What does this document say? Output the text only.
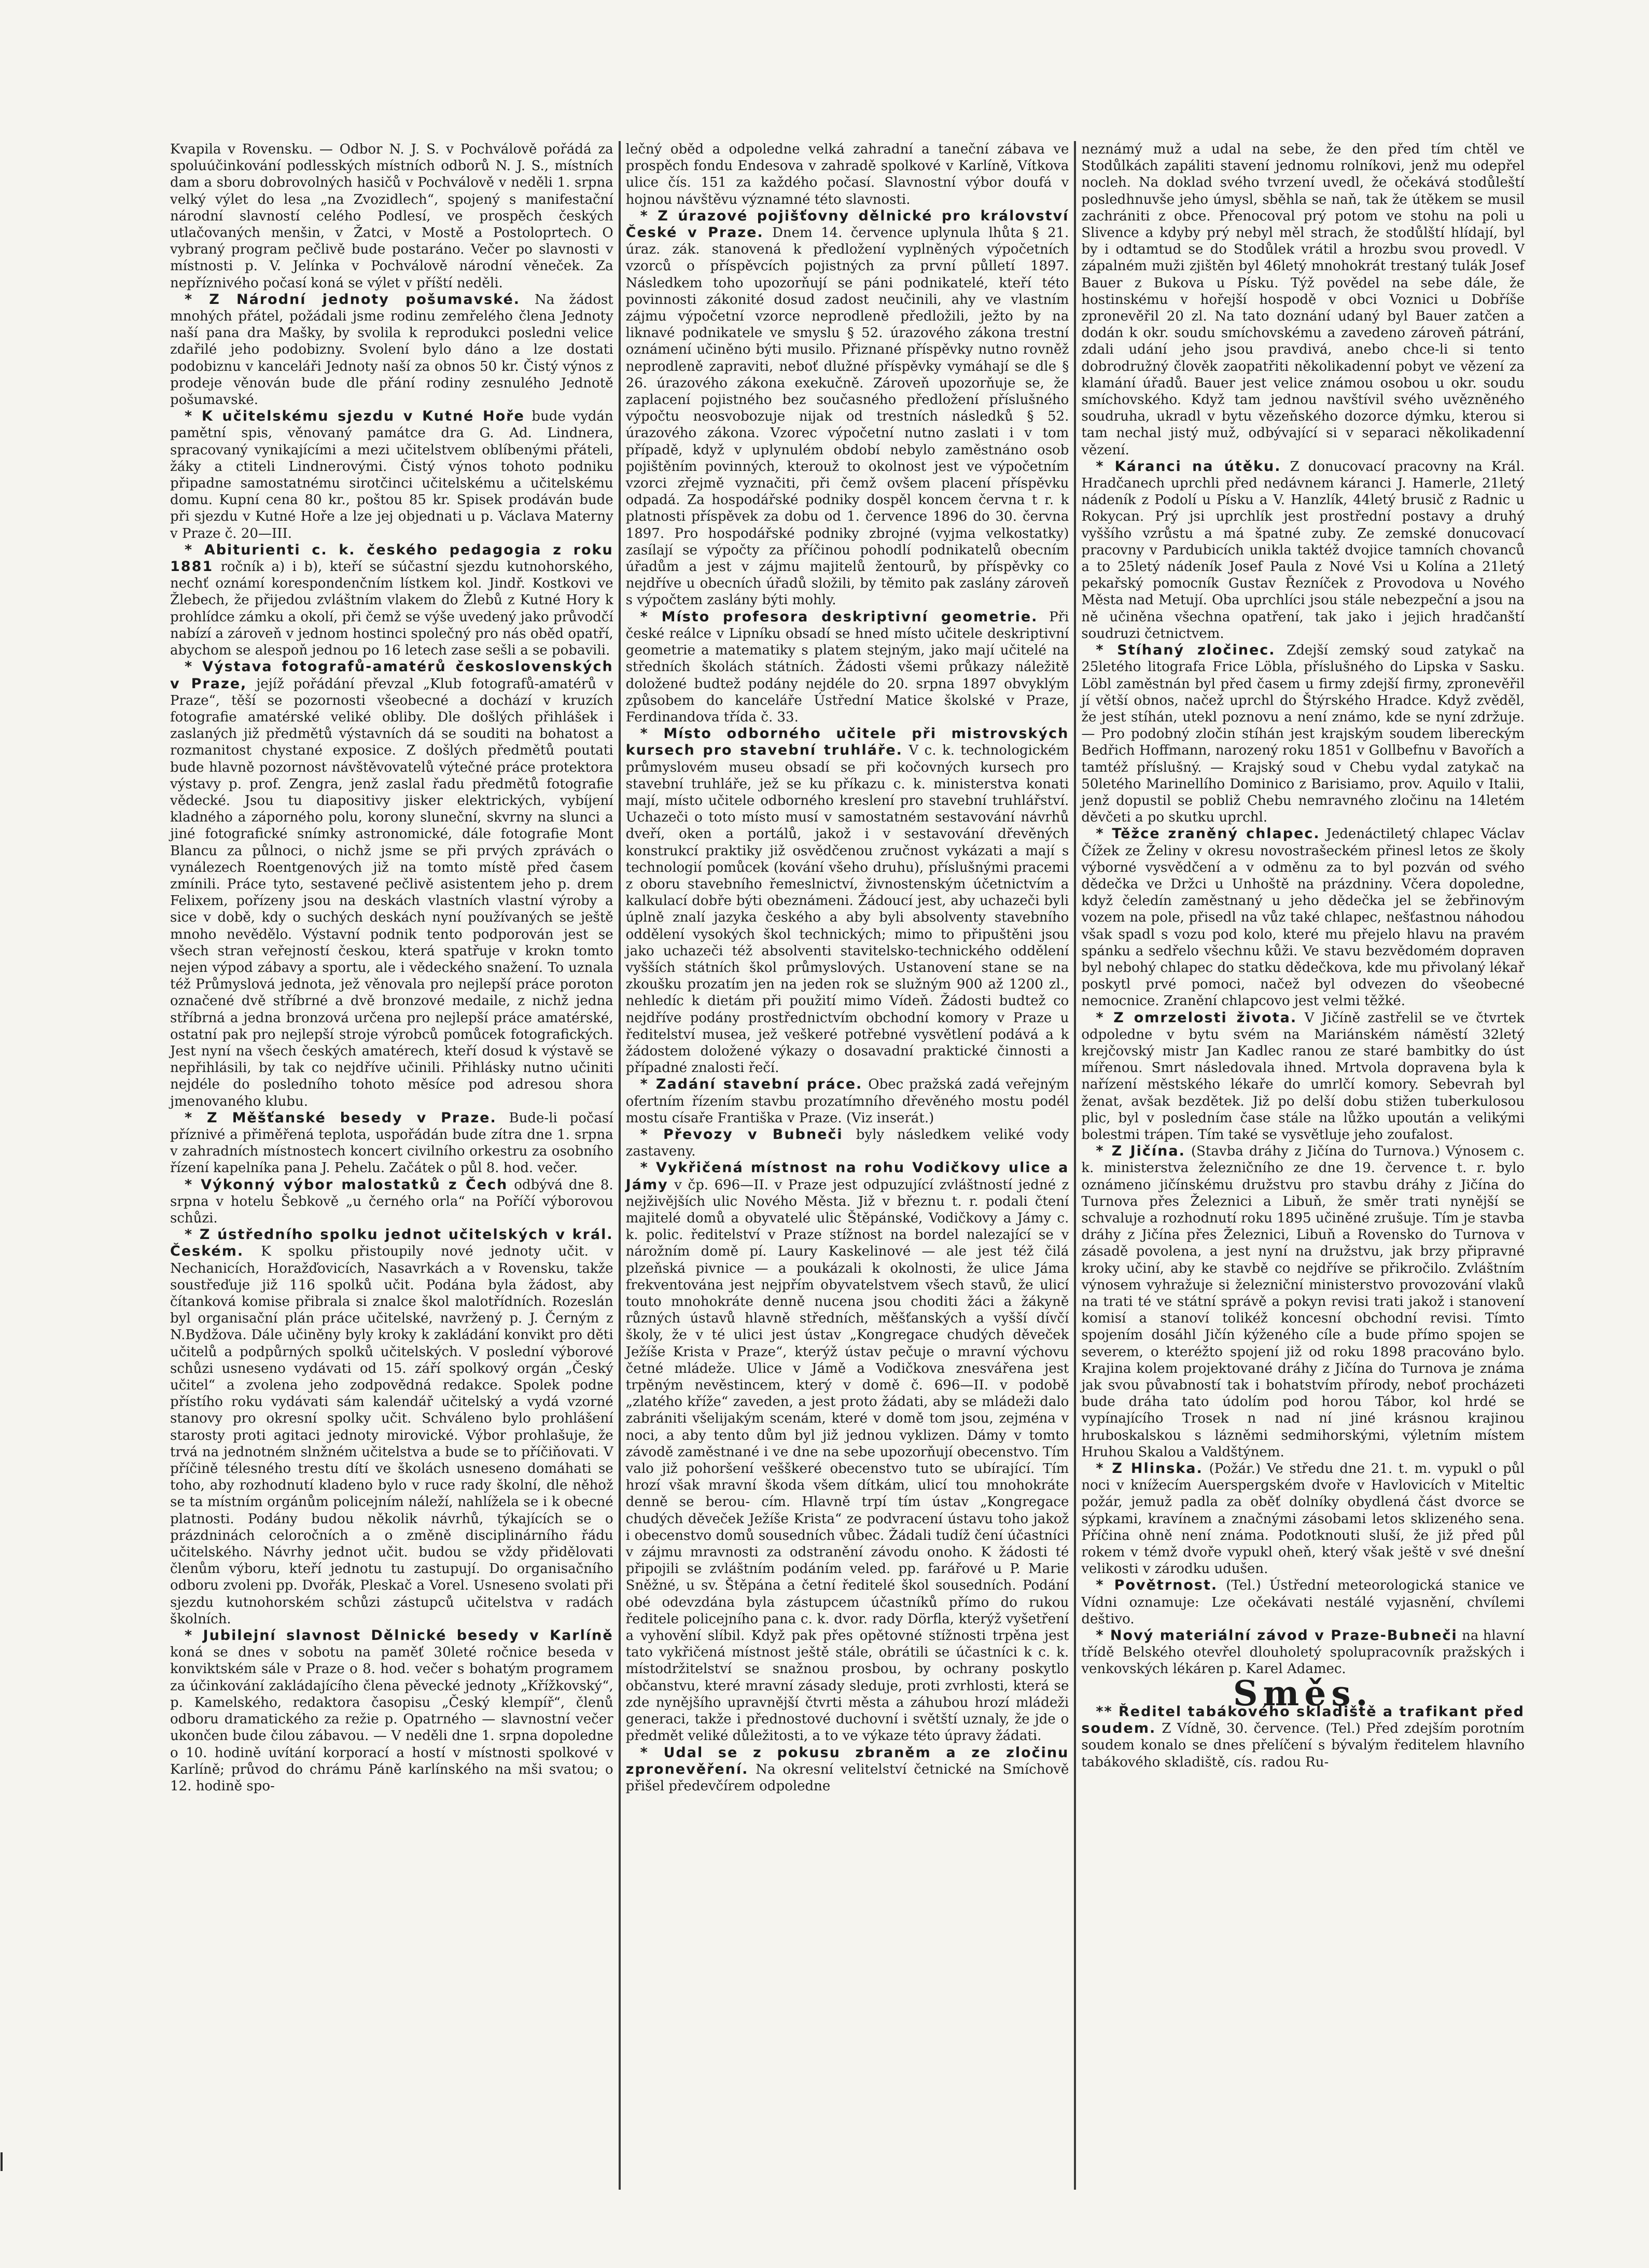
Kvapila v Rovensku. — Odbor N. J. S. v Pochválově pořádá za spoluúčinkování podlesských místních odborů N. J. S., místních dam a sboru dobrovolných hasičů v Pochválově v neděli 1. srpna velký výlet do lesa „na Zvozidlech“, spojený s manifestační národní slavností celého Podlesí, ve prospěch českých utlačovaných menšin, v Žatci, v Mostě a Postoloprtech. O vybraný program pečlivě bude postaráno. Večer po slavnosti v místnosti p. V. Jelínka v Pochválově národní věneček. Za nepříznivého počasí koná se výlet v příští neděli.

* Z Národní jednoty pošumavské. Na žádost mnohých přátel, požádali jsme rodinu zemřelého člena Jednoty naší pana dra Mašky, by svolila k reprodukci posledni velice zdařilé jeho podobizny. Svolení bylo dáno a lze dostati podobiznu v kanceláři Jednoty naší za obnos 50 kr. Čistý výnos z prodeje věnován bude dle přání rodiny zesnulého Jednotě pošumavské.

* K učitelskému sjezdu v Kutné Hoře bude vydán pamětní spis, věnovaný památce dra G. Ad. Lindnera, spracovaný vynikajícími a mezi učitelstvem oblíbenými přáteli, žáky a ctiteli Lindnerovými. Čistý výnos tohoto podniku připadne samostatnému sirotčinci učitelskému a učitelskému domu. Kupní cena 80 kr., poštou 85 kr. Spisek prodáván bude při sjezdu v Kutné Hoře a lze jej objednati u p. Václava Materny v Praze č. 20—III.

* Abiturienti c. k. českého pedagogia z roku 1881 ročník a) i b), kteří se súčastní sjezdu kutnohorského, nechť oznámí korespondenčním lístkem kol. Jindř. Kostkovi ve Žlebech, že přijedou zvláštním vlakem do Žlebů z Kutné Hory k prohlídce zámku a okolí, při čemž se výše uvedený jako průvodčí nabízí a zároveň v jednom hostinci společný pro nás oběd opatří, abychom se alespoň jednou po 16 letech zase sešli a se pobavili.

* Výstava fotografů-amatérů československých v Praze, jejíž pořádání převzal „Klub fotografů-amatérů v Praze“, těší se pozornosti všeobecné a dochází v kruzích fotografie amatérské veliké obliby. Dle došlých přihlášek i zaslaných již předmětů výstavních dá se souditi na bohatost a rozmanitost chystané exposice. Z došlých předmětů poutati bude hlavně pozornost návštěvovatelů výtečné práce protektora výstavy p. prof. Zengra, jenž zaslal řadu předmětů fotografie vědecké. Jsou tu diapositivy jisker elektrických, vybíjení kladného a záporného polu, korony sluneční, skvrny na slunci a jiné fotografické snímky astronomické, dále fotografie Mont Blancu za půlnoci, o nichž jsme se při prvých zprávách o vynálezech Roentgenových již na tomto místě před časem zmínili. Práce tyto, sestavené pečlivě asistentem jeho p. drem Felixem, pořízeny jsou na deskách vlastních vlastní výroby a sice v době, kdy o suchých deskách nyní používaných se ještě mnoho nevědělo. Výstavní podnik tento podporován jest se všech stran veřejností českou, která spatřuje v krokn tomto nejen výpod zábavy a sportu, ale i vědeckého snažení. To uznala též Průmyslová jednota, jež věnovala pro nejlepší práce poroton označené dvě stříbrné a dvě bronzové medaile, z nichž jedna stříbrná a jedna bronzová určena pro nejlepší práce amatérské, ostatní pak pro nejlepší stroje výrobců pomůcek fotografických. Jest nyní na všech českých amatérech, kteří dosud k výstavě se nepřihlásili, by tak co nejdříve učinili. Přihlásky nutno učiniti nejdéle do posledního tohoto měsíce pod adresou shora jmenovaného klubu.

* Z Měšťanské besedy v Praze. Bude-li počasí příznivé a přiměřená teplota, uspořádán bude zítra dne 1. srpna v zahradních místnostech koncert civilního orkestru za osobního řízení kapelníka pana J. Pehelu. Začátek o půl 8. hod. večer.

* Výkonný výbor malostatků z Čech odbývá dne 8. srpna v hotelu Šebkově „u černého orla“ na Poříčí výborovou schůzi.

* Z ústředního spolku jednot učitelských v král. Českém. K spolku přistoupily nové jednoty učit. v Nechanicích, Horažďovicích, Nasavrkách a v Rovensku, takže soustřeďuje již 116 spolků učit. Podána byla žádost, aby čítanková komise přibrala si znalce škol malotřídních. Rozeslán byl organisační plán práce učitelské, navržený p. J. Černým z N.Bydžova. Dále učiněny byly kroky k zakládání konvikt pro děti učitelů a podpůrných spolků učitelských. V poslední výborové schůzi usneseno vydávati od 15. září spolkový orgán „Český učitel“ a zvolena jeho zodpovědná redakce. Spolek podne přístího roku vydávati sám kalendář učitelský a vydá vzorné stanovy pro okresní spolky učit. Schváleno bylo prohlášení starosty proti agitaci jednoty mirovické. Výbor prohlašuje, že trvá na jednotném slnžném učitelstva a bude se to příčiňovati. V příčině télesného trestu dítí ve školách usneseno domáhati se toho, aby rozhodnutí kladeno bylo v ruce rady školní, dle něhož se ta místním orgánům policejním náleží, nahlížela se i k obecné platnosti. Podány budou několik návrhů, týkajících se o prázdninách celoročních a o změně disciplinárního řádu učitelského. Návrhy jednot učit. budou se vždy přidělovati členům výboru, kteří jednotu tu zastupují. Do organisačního odboru zvoleni pp. Dvořák, Pleskač a Vorel. Usneseno svolati při sjezdu kutnohorském schůzi zástupců učitelstva v radách školních.

* Jubilejní slavnost Dělnické besedy v Karlíně koná se dnes v sobotu na paměť 30leté ročnice beseda v konviktském sále v Praze o 8. hod. večer s bohatým programem za účinkování zakládajícího člena pěvecké jednoty „Křížkovský“, p. Kamelského, redaktora časopisu „Český klempíř“, členů odboru dramatického za režie p. Opatrného — slavnostní večer ukončen bude čilou zábavou. — V neděli dne 1. srpna dopoledne o 10. hodině uvítání korporací a hostí v místnosti spolkové v Karlíně; průvod do chrámu Páně karlínského na mši svatou; o 12. hodině spo-

lečný oběd a odpoledne velká zahradní a taneční zábava ve prospěch fondu Endesova v zahradě spolkové v Karlíně, Vítkova ulice čís. 151 za každého počasí. Slavnostní výbor doufá v hojnou návštěvu významné této slavnosti.

* Z úrazové pojišťovny dělnické pro království České v Praze. Dnem 14. července uplynula lhůta § 21. úraz. zák. stanovená k předložení vyplněných výpočetních vzorců o příspěvcích pojistných za první půlletí 1897. Následkem toho upozorňují se páni podnikatelé, kteří této povinnosti zákonité dosud zadost neučinili, ahy ve vlastním zájmu výpočetní vzorce neprodleně předložili, ježto by na liknavé podnikatele ve smyslu § 52. úrazového zákona trestní oznámení učiněno býti musilo. Přiznané příspěvky nutno rovněž neprodleně zapraviti, neboť dlužné příspěvky vymáhají se dle § 26. úrazového zákona exekučně. Zároveň upozorňuje se, že zaplacení pojistného bez současného předložení příslušného výpočtu neosvobozuje nijak od trestních následků § 52. úrazového zákona. Vzorec výpočetní nutno zaslati i v tom případě, když v uplynulém období nebylo zaměstnáno osob pojištěním povinných, kterouž to okolnost jest ve výpočetním vzorci zřejmě vyznačiti, při čemž ovšem placení příspěvku odpadá. Za hospodářské podniky dospěl koncem června t r. k platnosti příspěvek za dobu od 1. července 1896 do 30. června 1897. Pro hospodářské podniky zbrojné (vyjma velkostatky) zasílají se výpočty za příčinou pohodlí podnikatelů obecním úřadům a jest v zájmu majitelů žentourů, by příspěvky co nejdříve u obecních úřadů složili, by těmito pak zaslány zároveň s výpočtem zaslány býti mohly.

* Místo profesora deskriptivní geometrie. Při české reálce v Lipníku obsadí se hned místo učitele deskriptivní geometrie a matematiky s platem stejným, jako mají učitelé na středních školách státních. Žádosti všemi průkazy náležitě doložené budtež podány nejdéle do 20. srpna 1897 obvyklým způsobem do kanceláře Ústřední Matice školské v Praze, Ferdinandova třída č. 33.

* Místo odborného učitele při mistrovských kursech pro stavební truhláře. V c. k. technologickém průmyslovém museu obsadí se při kočovných kursech pro stavební truhláře, jež se ku příkazu c. k. ministerstva konati mají, místo učitele odborného kreslení pro stavební truhlářství. Uchazeči o toto místo musí v samostatném sestavování návrhů dveří, oken a portálů, jakož i v sestavování dřevěných konstrukcí praktiky již osvědčenou zručnost vykázati a mají s technologií pomůcek (kování všeho druhu), příslušnými pracemi z oboru stavebního řemeslnictví, živnostenským účetnictvím a kalkulací dobře býti obeznámeni. Žádoucí jest, aby uchazeči byli úplně znalí jazyka českého a aby byli absolventy stavebního oddělení vysokých škol technických; mimo to připuštěni jsou jako uchazeči též absolventi stavitelsko-technického oddělení vyšších státních škol průmyslových. Ustanovení stane se na zkoušku prozatím jen na jeden rok se služným 900 až 1200 zl., nehledíc k dietám při použití mimo Vídeň. Žádosti budtež co nejdříve podány prostřednictvím obchodní komory v Praze u ředitelství musea, jež veškeré potřebné vysvětlení podává a k žádostem doložené výkazy o dosavadní praktické činnosti a případné znalosti řečí.

* Zadání stavební práce. Obec pražská zadá veřejným ofertním řízením stavbu prozatímního dřevěného mostu podél mostu císaře Františka v Praze. (Viz inserát.)

* Převozy v Bubneči byly následkem veliké vody zastaveny.

* Vykřičená místnost na rohu Vodičkovy ulice a Jámy v čp. 696—II. v Praze jest odpuzující zvláštností jedné z nejživějších ulic Nového Města. Již v březnu t. r. podali čtení majitelé domů a obyvatelé ulic Štěpánské, Vodičkovy a Jámy c. k. polic. ředitelství v Praze stížnost na bordel nalezající se v nárožním domě pí. Laury Kaskelinové — ale jest též čilá plzeňská pivnice — a poukázali k okolnosti, že ulice Jáma frekventována jest nejpřím obyvatelstvem všech stavů, že ulicí touto mnohokráte denně nucena jsou choditi žáci a žákyně různých ústavů hlavně středních, měšťanských a vyšší dívčí školy, že v té ulici jest ústav „Kongregace chudých děveček Ježíše Krista v Praze“, kterýž ústav pečuje o mravní výchovu četné mládeže. Ulice v Jámě a Vodičkova znesvářena jest trpěným nevěstincem, který v domě č. 696—II. v podobě „zlatého kříže“ zaveden, a jest proto žádati, aby se mládeži dalo zabrániti všelijakým scenám, které v domě tom jsou, zejména v noci, a aby tento dům byl již jednou vyklizen. Dámy v tomto závodě zaměstnané i ve dne na sebe upozorňují obecenstvo. Tím valo již pohoršení vešškeré obecenstvo tuto se ubírající. Tím hrozí však mravní škoda všem dítkám, ulicí tou mnohokráte denně se berou- cím. Hlavně trpí tím ústav „Kongregace chudých děveček Ježíše Krista“ ze podvracení ústavu toho jakož i obecenstvo domů sousedních vůbec. Žádali tudíž čení účastníci v zájmu mravnosti za odstranění závodu onoho. K žádosti té připojili se zvláštním podáním veled. pp. farářové u P. Marie Sněžné, u sv. Štěpána a četní ředitelé škol sousedních. Podání obé odevzdána byla zástupcem účastníků přímo do rukou ředitele policejního pana c. k. dvor. rady Dörfla, kterýž vyšetření a vyhovění slíbil. Když pak přes opětovné stížnosti trpěna jest tato vykřičená místnost ještě stále, obrátili se účastníci k c. k. místodržitelství se snažnou prosbou, by ochrany poskytlo občanstvu, které mravní zásady sleduje, proti zvrhlosti, která se zde nynějšího upravnější čtvrti města a záhubou hrozí mládeži generaci, takže i přednostové duchovní i světští uznaly, že jde o předmět veliké důležitosti, a to ve výkaze této úpravy žádati.

* Udal se z pokusu zbraněm a ze zločinu zpronevěření. Na okresní velitelství četnické na Smíchově přišel předevčírem odpoledne

neznámý muž a udal na sebe, že den před tím chtěl ve Stodůlkách zapáliti stavení jednomu rolníkovi, jenž mu odepřel nocleh. Na doklad svého tvrzení uvedl, že očekává stodůleští posledhnuvše jeho úmysl, sběhla se naň, tak že útěkem se musil zachrániti z obce. Přenocoval prý potom ve stohu na poli u Slivence a kdyby prý nebyl měl strach, že stodůlští hlídají, byl by i odtamtud se do Stodůlek vrátil a hrozbu svou provedl. V zápalném muži zjištěn byl 46letý mnohokrát trestaný tulák Josef Bauer z Bukova u Písku. Týž povědel na sebe dále, že hostinskému v hořejší hospodě v obci Voznici u Dobříše zpronevěřil 20 zl. Na tato doznání udaný byl Bauer zatčen a dodán k okr. soudu smíchovskému a zavedeno zároveň pátrání, zdali udání jeho jsou pravdivá, anebo chce-li si tento dobrodružný člověk zaopatřiti několikadenní pobyt ve vězení za klamání úřadů. Bauer jest velice známou osobou u okr. soudu smíchovského. Když tam jednou navštívil svého uvězněného soudruha, ukradl v bytu vězeňského dozorce dýmku, kterou si tam nechal jistý muž, odbývající si v separaci několikadenní vězení.

* Káranci na útěku. Z donucovací pracovny na Král. Hradčanech uprchli před nedávnem káranci J. Hamerle, 21letý nádeník z Podolí u Písku a V. Hanzlík, 44letý brusič z Radnic u Rokycan. Prý jsi uprchlík jest prostřední postavy a druhý vyššího vzrůstu a má špatné zuby. Ze zemské donucovací pracovny v Pardubicích unikla taktéž dvojice tamních chovanců a to 25letý nádeník Josef Paula z Nové Vsi u Kolína a 21letý pekařský pomocník Gustav Řezníček z Provodova u Nového Města nad Metují. Oba uprchlíci jsou stále nebezpeční a jsou na ně učiněna všechna opatření, tak jako i jejich hradčanští soudruzi četnictvem.

* Stíhaný zločinec. Zdejší zemský soud zatykač na 25letého litografa Frice Löbla, příslušného do Lipska v Sasku. Löbl zaměstnán byl před časem u firmy zdejší firmy, zpronevěřil jí větší obnos, načež uprchl do Štýrského Hradce. Když zvěděl, že jest stíhán, utekl poznovu a není známo, kde se nyní zdržuje. — Pro podobný zločin stíhán jest krajským soudem libereckým Bedřich Hoffmann, narozený roku 1851 v Gollbefnu v Bavořích a tamtéž příslušný. — Krajský soud v Chebu vydal zatykač na 50letého Marinellího Dominico z Barisiamo, prov. Aquilo v Italii, jenž dopustil se pobliž Chebu nemravného zločinu na 14letém děvčeti a po skutku uprchl.

* Těžce zraněný chlapec. Jedenáctiletý chlapec Václav Čížek ze Želiny v okresu novostrašeckém přinesl letos ze školy výborné vysvědčení a v odměnu za to byl pozván od svého dědečka ve Držci u Unhoště na prázdniny. Včera dopoledne, když čeledín zaměstnaný u jeho dědečka jel se žebřinovým vozem na pole, přisedl na vůz také chlapec, nešťastnou náhodou však spadl s vozu pod kolo, které mu přejelo hlavu na pravém spánku a sedřelo všechnu kůži. Ve stavu bezvědomém dopraven byl nebohý chlapec do statku dědečkova, kde mu přivolaný lékař poskytl prvé pomoci, načež byl odvezen do všeobecné nemocnice. Zranění chlapcovo jest velmi těžké.

* Z omrzelosti života. V Jičíně zastřelil se ve čtvrtek odpoledne v bytu svém na Mariánském náměstí 32letý krejčovský mistr Jan Kadlec ranou ze staré bambitky do úst mířenou. Smrt následovala ihned. Mrtvola dopravena byla k nařízení městského lékaře do umrlčí komory. Sebevrah byl ženat, avšak bezdětek. Již po delší dobu stižen tuberkulosou plic, byl v posledním čase stále na lůžko upoután a velikými bolestmi trápen. Tím také se vysvětluje jeho zoufalost.

* Z Jičína. (Stavba dráhy z Jičína do Turnova.) Výnosem c. k. ministerstva železničního ze dne 19. července t. r. bylo oznámeno jičínskému družstvu pro stavbu dráhy z Jičína do Turnova přes Železnici a Libuň, že směr trati nynější se schvaluje a rozhodnutí roku 1895 učiněné zrušuje. Tím je stavba dráhy z Jičína přes Železnici, Libuň a Rovensko do Turnova v zásadě povolena, a jest nyní na družstvu, jak brzy připravné kroky učiní, aby ke stavbě co nejdříve se přikročilo. Zvláštním výnosem vyhražuje si železniční ministerstvo provozování vlaků na trati té ve státní správě a pokyn revisi trati jakož i stanovení komisí a stanoví tolikéž koncesní obchodní revisi. Tímto spojením dosáhl Jičín kýženého cíle a bude přímo spojen se severem, o kteréžto spojení již od roku 1898 pracováno bylo. Krajina kolem projektované dráhy z Jičína do Turnova je známa jak svou půvabností tak i bohatstvím přírody, neboť procházeti bude dráha tato údolím pod horou Tábor, kol hrdé se vypínajícího Trosek n nad ní jiné krásnou krajinou hruboskalskou s lázněmi sedmihorskými, výletním místem Hruhou Skalou a Valdštýnem.

* Z Hlinska. (Požár.) Ve středu dne 21. t. m. vypukl o půl noci v knížecím Auerspergském dvoře v Havlovicích v Miteltic požár, jemuž padla za oběť dolníky obydlená část dvorce se sýpkami, kravínem a značnými zásobami letos sklizeného sena. Příčina ohně není známa. Podotknouti sluší, že již před půl rokem v témž dvoře vypukl oheň, který však ještě v své dnešní velikosti v zárodku udušen.

* Povětrnost. (Tel.) Ústřední meteorologická stanice ve Vídni oznamuje: Lze očekávati nestálé vyjasnění, chvílemi deštivo.

* Nový materiální závod v Praze-Bubneči na hlavní třídě Belského otevřel dlouholetý spolupracovník pražských i venkovských lékáren p. Karel Adamec.

Směs.

** Ředitel tabákového skladiště a trafikant před soudem. Z Vídně, 30. července. (Tel.) Před zdejším porotním soudem konalo se dnes přelíčení s bývalým ředitelem hlavního tabákového skladiště, cís. radou Ru-
